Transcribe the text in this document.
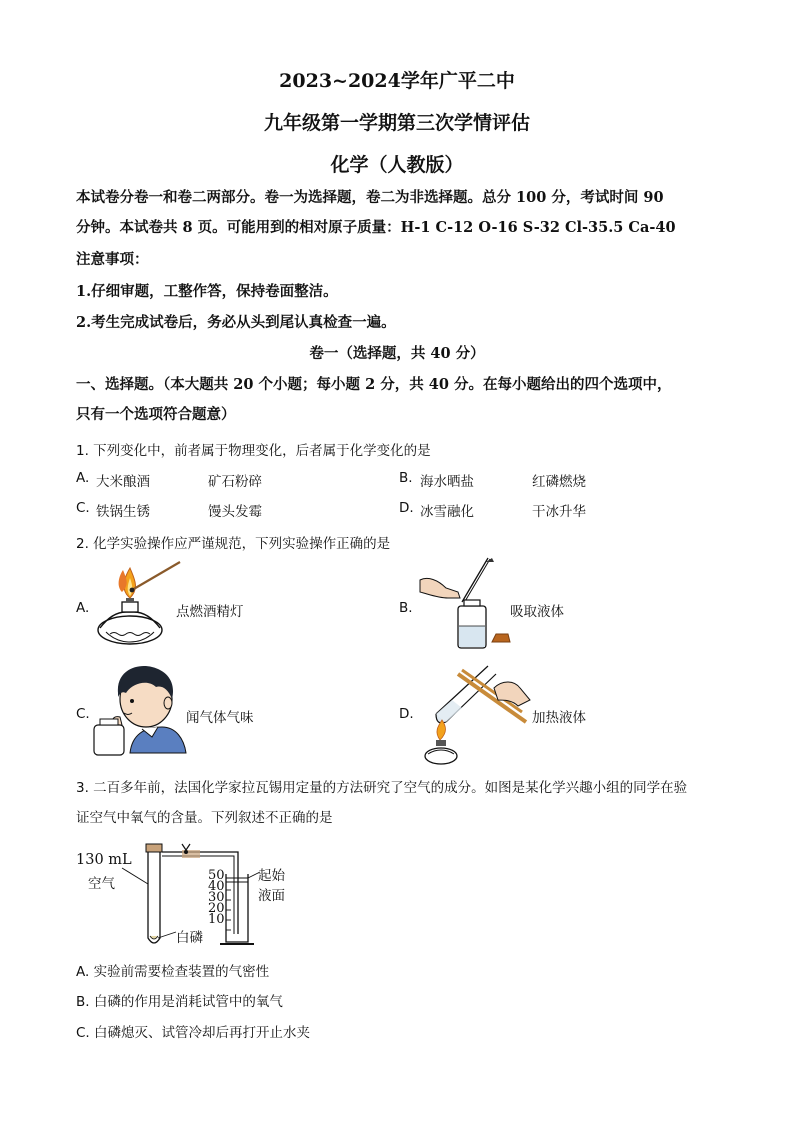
2023~2024学年广平二中
九年级第一学期第三次学情评估
化学（人教版）
本试卷分卷一和卷二两部分。卷一为选择题，卷二为非选择题。总分 100 分，考试时间 90
分钟。本试卷共 8 页。可能用到的相对原子质量：H-1 C-12 O-16 S-32 Cl-35.5 Ca-40
注意事项：
1.仔细审题，工整作答，保持卷面整洁。
2.考生完成试卷后，务必从头到尾认真检查一遍。
卷一（选择题，共 40 分）
一、选择题。（本大题共 20 个小题；每小题 2 分，共 40 分。在每小题给出的四个选项中，
只有一个选项符合题意）
1. 下列变化中，前者属于物理变化，后者属于化学变化的是
A. 大米酿酒	矿石粉碎	B. 海水晒盐	红磷燃烧
C. 铁锅生锈	馒头发霉	D. 冰雪融化	干冰升华
2. 化学实验操作应严谨规范，下列实验操作正确的是
A.	点燃酒精灯	B.	吸取液体
C.	闻气体气味	D.	加热液体
3. 二百多年前，法国化学家拉瓦锡用定量的方法研究了空气的成分。如图是某化学兴趣小组的同学在验
证空气中氧气的含量。下列叙述不正确的是
130 mL
空气
白磷
起始
液面
50
40
30
20
10
A. 实验前需要检查装置的气密性
B. 白磷的作用是消耗试管中的氧气
C. 白磷熄灭、试管冷却后再打开止水夹
